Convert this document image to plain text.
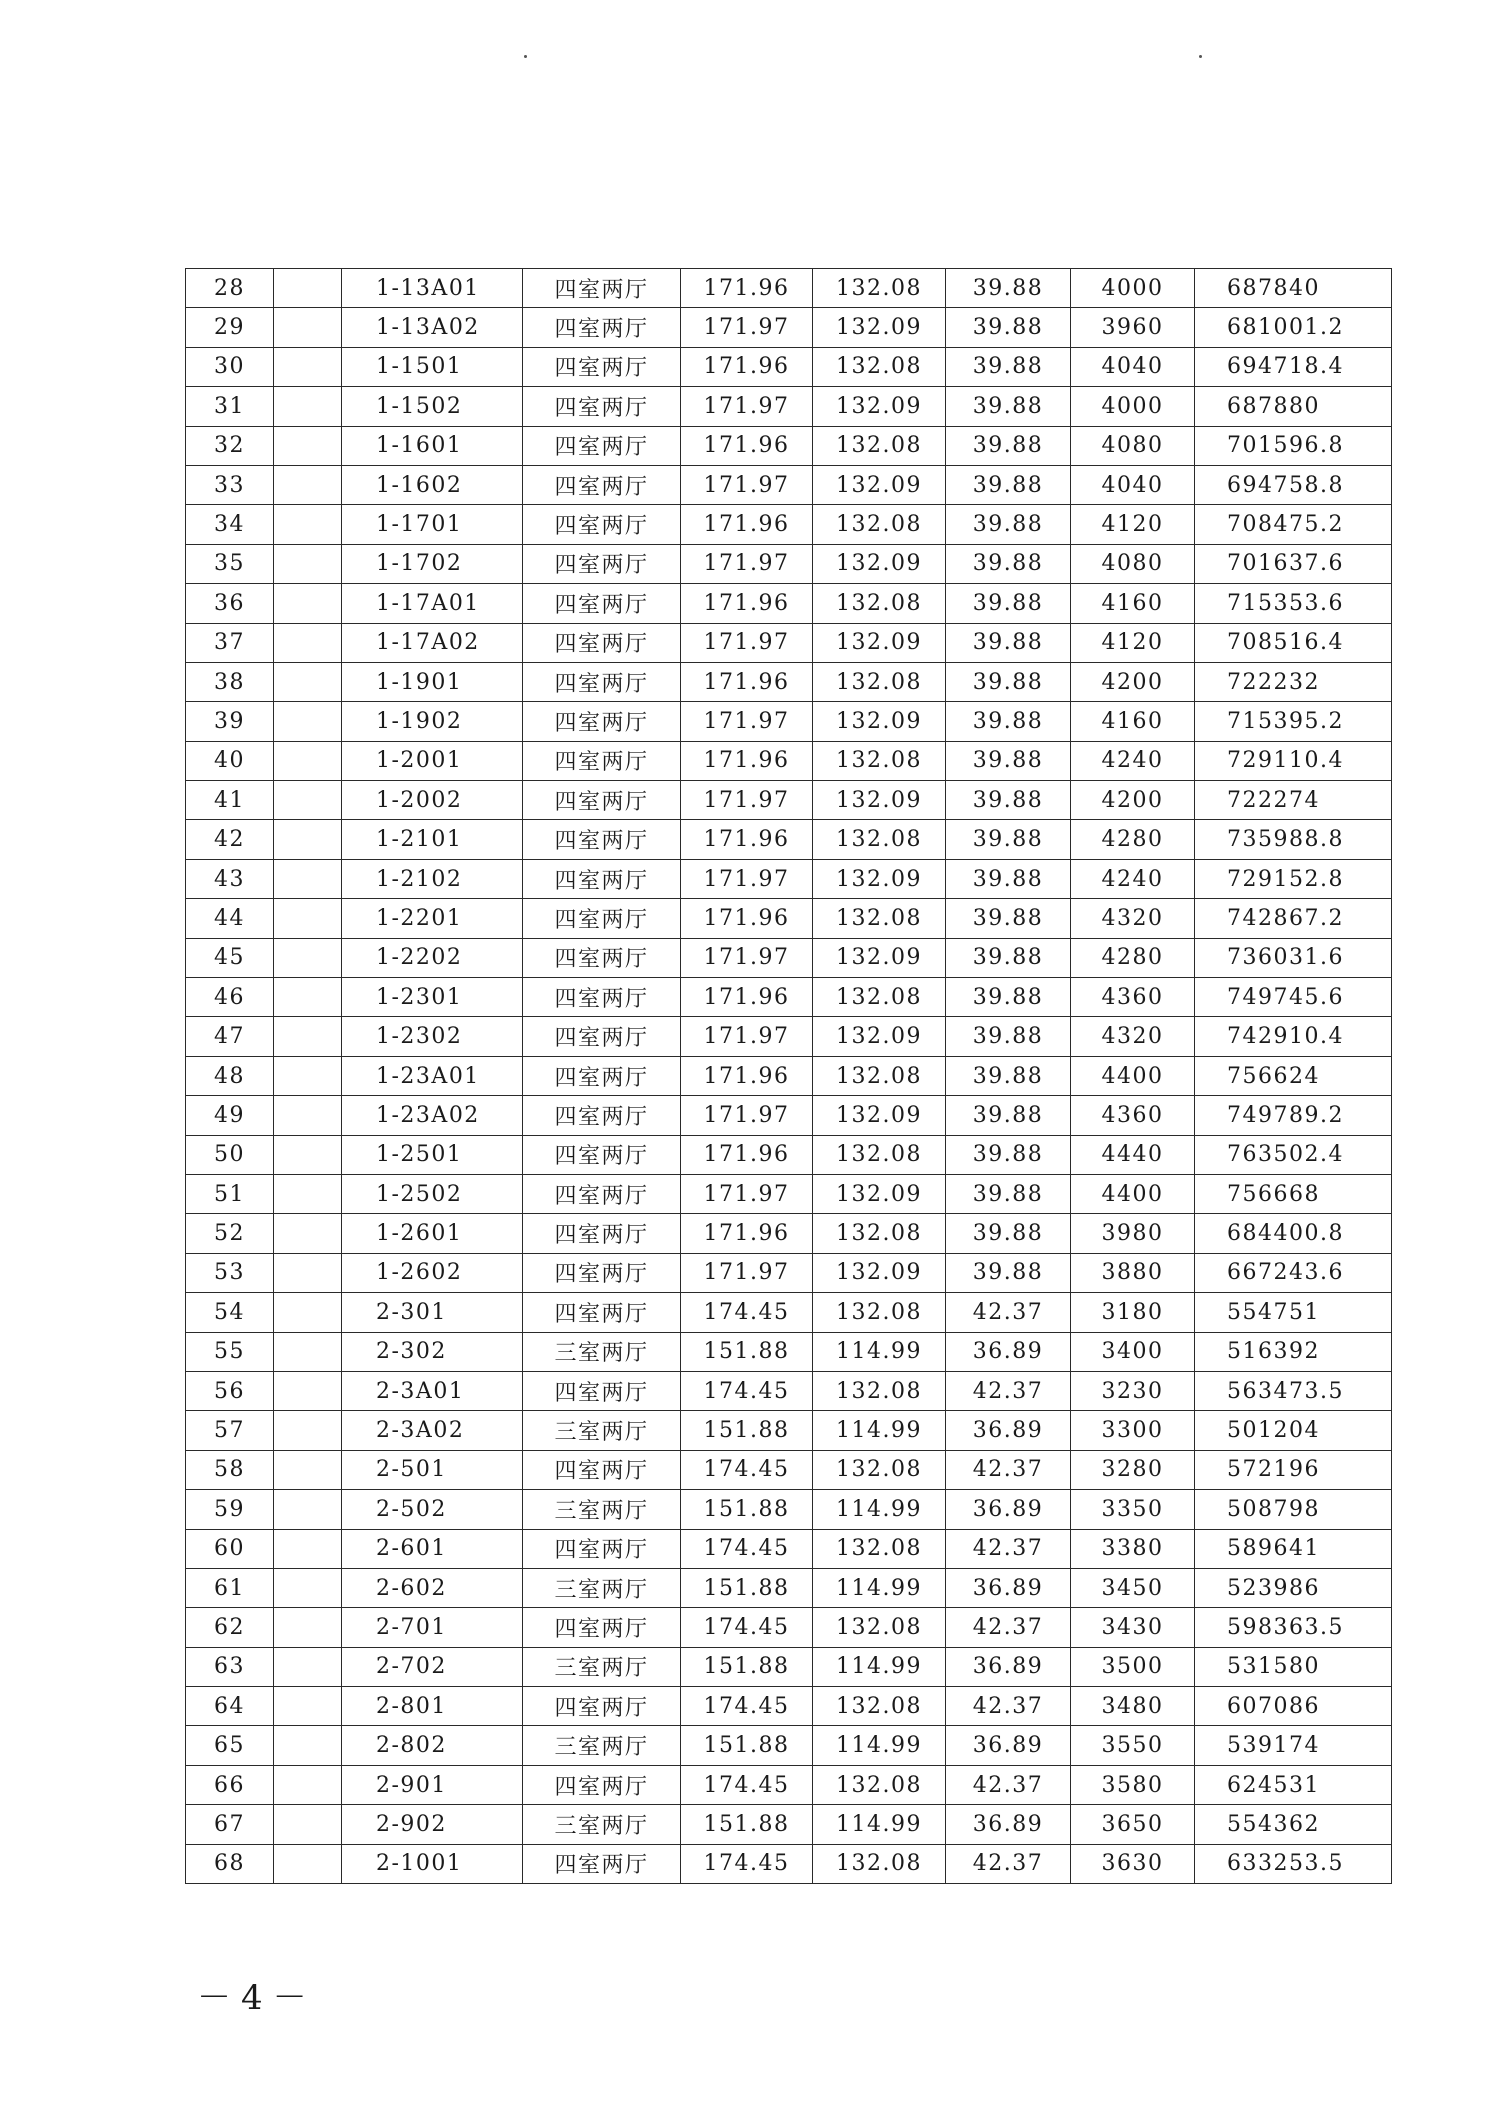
28		1-13A01	四室两厅	171.96	132.08	39.88	4000	687840
29		1-13A02	四室两厅	171.97	132.09	39.88	3960	681001.2
30		1-1501	四室两厅	171.96	132.08	39.88	4040	694718.4
31		1-1502	四室两厅	171.97	132.09	39.88	4000	687880
32		1-1601	四室两厅	171.96	132.08	39.88	4080	701596.8
33		1-1602	四室两厅	171.97	132.09	39.88	4040	694758.8
34		1-1701	四室两厅	171.96	132.08	39.88	4120	708475.2
35		1-1702	四室两厅	171.97	132.09	39.88	4080	701637.6
36		1-17A01	四室两厅	171.96	132.08	39.88	4160	715353.6
37		1-17A02	四室两厅	171.97	132.09	39.88	4120	708516.4
38		1-1901	四室两厅	171.96	132.08	39.88	4200	722232
39		1-1902	四室两厅	171.97	132.09	39.88	4160	715395.2
40		1-2001	四室两厅	171.96	132.08	39.88	4240	729110.4
41		1-2002	四室两厅	171.97	132.09	39.88	4200	722274
42		1-2101	四室两厅	171.96	132.08	39.88	4280	735988.8
43		1-2102	四室两厅	171.97	132.09	39.88	4240	729152.8
44		1-2201	四室两厅	171.96	132.08	39.88	4320	742867.2
45		1-2202	四室两厅	171.97	132.09	39.88	4280	736031.6
46		1-2301	四室两厅	171.96	132.08	39.88	4360	749745.6
47		1-2302	四室两厅	171.97	132.09	39.88	4320	742910.4
48		1-23A01	四室两厅	171.96	132.08	39.88	4400	756624
49		1-23A02	四室两厅	171.97	132.09	39.88	4360	749789.2
50		1-2501	四室两厅	171.96	132.08	39.88	4440	763502.4
51		1-2502	四室两厅	171.97	132.09	39.88	4400	756668
52		1-2601	四室两厅	171.96	132.08	39.88	3980	684400.8
53		1-2602	四室两厅	171.97	132.09	39.88	3880	667243.6
54		2-301	四室两厅	174.45	132.08	42.37	3180	554751
55		2-302	三室两厅	151.88	114.99	36.89	3400	516392
56		2-3A01	四室两厅	174.45	132.08	42.37	3230	563473.5
57		2-3A02	三室两厅	151.88	114.99	36.89	3300	501204
58		2-501	四室两厅	174.45	132.08	42.37	3280	572196
59		2-502	三室两厅	151.88	114.99	36.89	3350	508798
60		2-601	四室两厅	174.45	132.08	42.37	3380	589641
61		2-602	三室两厅	151.88	114.99	36.89	3450	523986
62		2-701	四室两厅	174.45	132.08	42.37	3430	598363.5
63		2-702	三室两厅	151.88	114.99	36.89	3500	531580
64		2-801	四室两厅	174.45	132.08	42.37	3480	607086
65		2-802	三室两厅	151.88	114.99	36.89	3550	539174
66		2-901	四室两厅	174.45	132.08	42.37	3580	624531
67		2-902	三室两厅	151.88	114.99	36.89	3650	554362
68		2-1001	四室两厅	174.45	132.08	42.37	3630	633253.5
－4－
